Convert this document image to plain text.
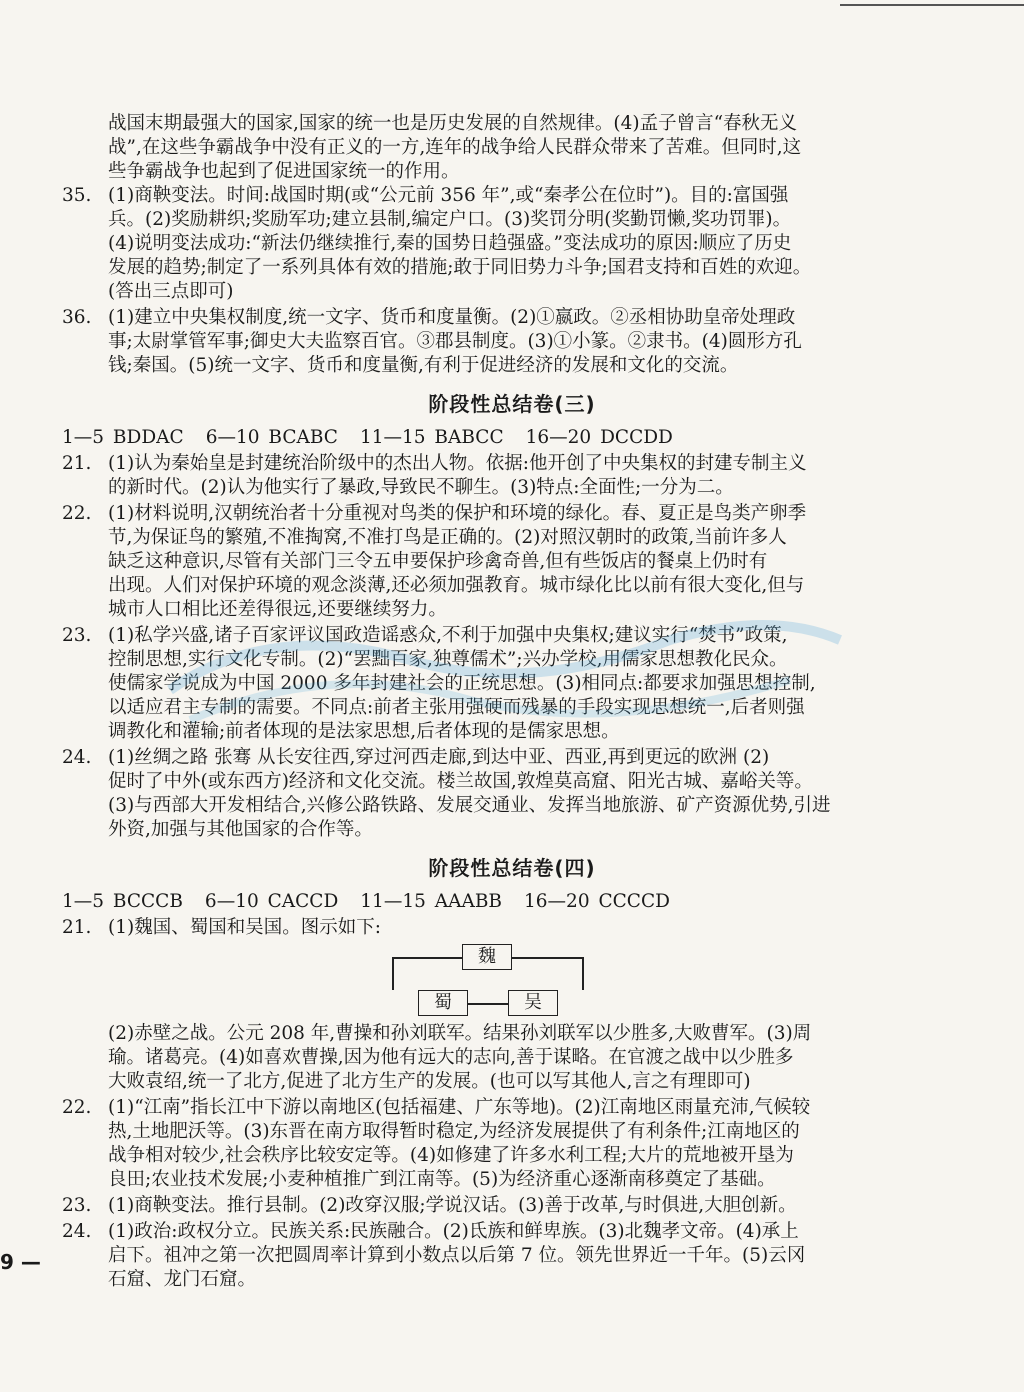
战国末期最强大的国家,国家的统一也是历史发展的自然规律。(4)孟子曾言“春秋无义
战”,在这些争霸战争中没有正义的一方,连年的战争给人民群众带来了苦难。但同时,这
些争霸战争也起到了促进国家统一的作用。
35. (1)商鞅变法。时间:战国时期(或“公元前 356 年”,或“秦孝公在位时”)。目的:富国强
兵。(2)奖励耕织;奖励军功;建立县制,编定户口。(3)奖罚分明(奖勤罚懒,奖功罚罪)。
(4)说明变法成功:“新法仍继续推行,秦的国势日趋强盛。”变法成功的原因:顺应了历史
发展的趋势;制定了一系列具体有效的措施;敢于同旧势力斗争;国君支持和百姓的欢迎。
(答出三点即可)
36. (1)建立中央集权制度,统一文字、货币和度量衡。(2)①嬴政。②丞相协助皇帝处理政
事;太尉掌管军事;御史大夫监察百官。③郡县制度。(3)①小篆。②隶书。(4)圆形方孔
钱;秦国。(5)统一文字、货币和度量衡,有利于促进经济的发展和文化的交流。
阶段性总结卷(三)
1—5 BDDAC 6—10 BCABC 11—15 BABCC 16—20 DCCDD
21. (1)认为秦始皇是封建统治阶级中的杰出人物。依据:他开创了中央集权的封建专制主义
的新时代。(2)认为他实行了暴政,导致民不聊生。(3)特点:全面性;一分为二。
22. (1)材料说明,汉朝统治者十分重视对鸟类的保护和环境的绿化。春、夏正是鸟类产卵季
节,为保证鸟的繁殖,不准掏窝,不准打鸟是正确的。(2)对照汉朝时的政策,当前许多人
缺乏这种意识,尽管有关部门三令五申要保护珍禽奇兽,但有些饭店的餐桌上仍时有
出现。人们对保护环境的观念淡薄,还必须加强教育。城市绿化比以前有很大变化,但与
城市人口相比还差得很远,还要继续努力。
23. (1)私学兴盛,诸子百家评议国政造谣惑众,不利于加强中央集权;建议实行“焚书”政策,
控制思想,实行文化专制。(2)“罢黜百家,独尊儒术”;兴办学校,用儒家思想教化民众。
使儒家学说成为中国 2000 多年封建社会的正统思想。(3)相同点:都要求加强思想控制,
以适应君主专制的需要。不同点:前者主张用强硬而残暴的手段实现思想统一,后者则强
调教化和灌输;前者体现的是法家思想,后者体现的是儒家思想。
24. (1)丝绸之路 张骞 从长安往西,穿过河西走廊,到达中亚、西亚,再到更远的欧洲 (2)
促时了中外(或东西方)经济和文化交流。楼兰故国,敦煌莫高窟、阳光古城、嘉峪关等。
(3)与西部大开发相结合,兴修公路铁路、发展交通业、发挥当地旅游、矿产资源优势,引进
外资,加强与其他国家的合作等。
阶段性总结卷(四)
1—5 BCCCB 6—10 CACCD 11—15 AAABB 16—20 CCCCD
21. (1)魏国、蜀国和吴国。图示如下:
魏
蜀	吴
(2)赤壁之战。公元 208 年,曹操和孙刘联军。结果孙刘联军以少胜多,大败曹军。(3)周
瑜。诸葛亮。(4)如喜欢曹操,因为他有远大的志向,善于谋略。在官渡之战中以少胜多
大败袁绍,统一了北方,促进了北方生产的发展。(也可以写其他人,言之有理即可)
22. (1)“江南”指长江中下游以南地区(包括福建、广东等地)。(2)江南地区雨量充沛,气候较
热,土地肥沃等。(3)东晋在南方取得暂时稳定,为经济发展提供了有利条件;江南地区的
战争相对较少,社会秩序比较安定等。(4)如修建了许多水利工程;大片的荒地被开垦为
良田;农业技术发展;小麦种植推广到江南等。(5)为经济重心逐渐南移奠定了基础。
23. (1)商鞅变法。推行县制。(2)改穿汉服;学说汉话。(3)善于改革,与时俱进,大胆创新。
24. (1)政治:政权分立。民族关系:民族融合。(2)氐族和鲜卑族。(3)北魏孝文帝。(4)承上
启下。祖冲之第一次把圆周率计算到小数点以后第 7 位。领先世界近一千年。(5)云冈
石窟、龙门石窟。
9 —
